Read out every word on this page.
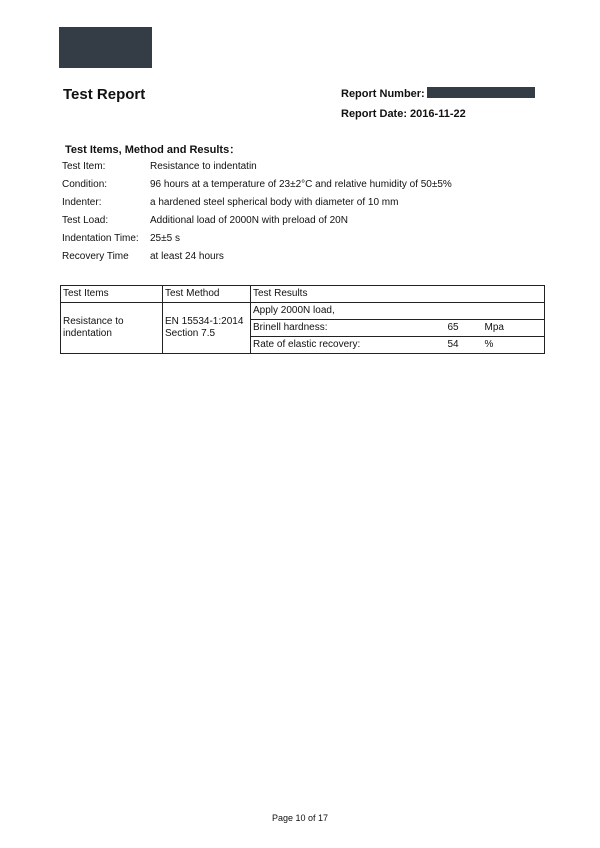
Test Report	Report Number:
Report Date: 2016-11-22
Test Items, Method and Results：
Test Item:	Resistance to indentatin
Condition:	96 hours at a temperature of 23±2°C and relative humidity of 50±5%
Indenter:	a hardened steel spherical body with diameter of 10 mm
Test Load:	Additional load of 2000N with preload of 20N
Indentation Time: 25±5 s
Recovery Time at least 24 hours
Test Items	Test Method	Test Results		
Resistance to indentation	EN 15534-1:2014 Section 7.5	Apply 2000N load,		
		Brinell hardness:	65	Mpa
		Rate of elastic recovery:	54	%
Page 10 of 17
